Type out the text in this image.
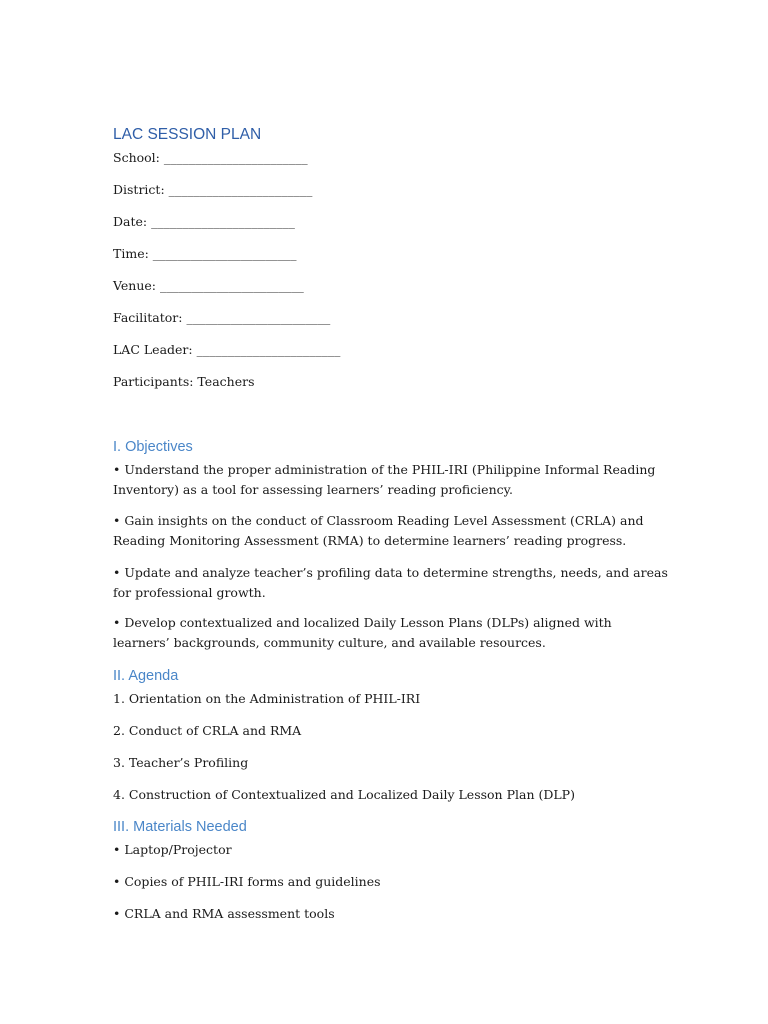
LAC SESSION PLAN
School: _______________________
District: _______________________
Date: _______________________
Time: _______________________
Venue: _______________________
Facilitator: _______________________
LAC Leader: _______________________
Participants: Teachers
I. Objectives
• Understand the proper administration of the PHIL-IRI (Philippine Informal Reading Inventory) as a tool for assessing learners’ reading proficiency.
• Gain insights on the conduct of Classroom Reading Level Assessment (CRLA) and Reading Monitoring Assessment (RMA) to determine learners’ reading progress.
• Update and analyze teacher’s profiling data to determine strengths, needs, and areas for professional growth.
• Develop contextualized and localized Daily Lesson Plans (DLPs) aligned with learners’ backgrounds, community culture, and available resources.
II. Agenda
1. Orientation on the Administration of PHIL-IRI
2. Conduct of CRLA and RMA
3. Teacher’s Profiling
4. Construction of Contextualized and Localized Daily Lesson Plan (DLP)
III. Materials Needed
• Laptop/Projector
• Copies of PHIL-IRI forms and guidelines
• CRLA and RMA assessment tools
